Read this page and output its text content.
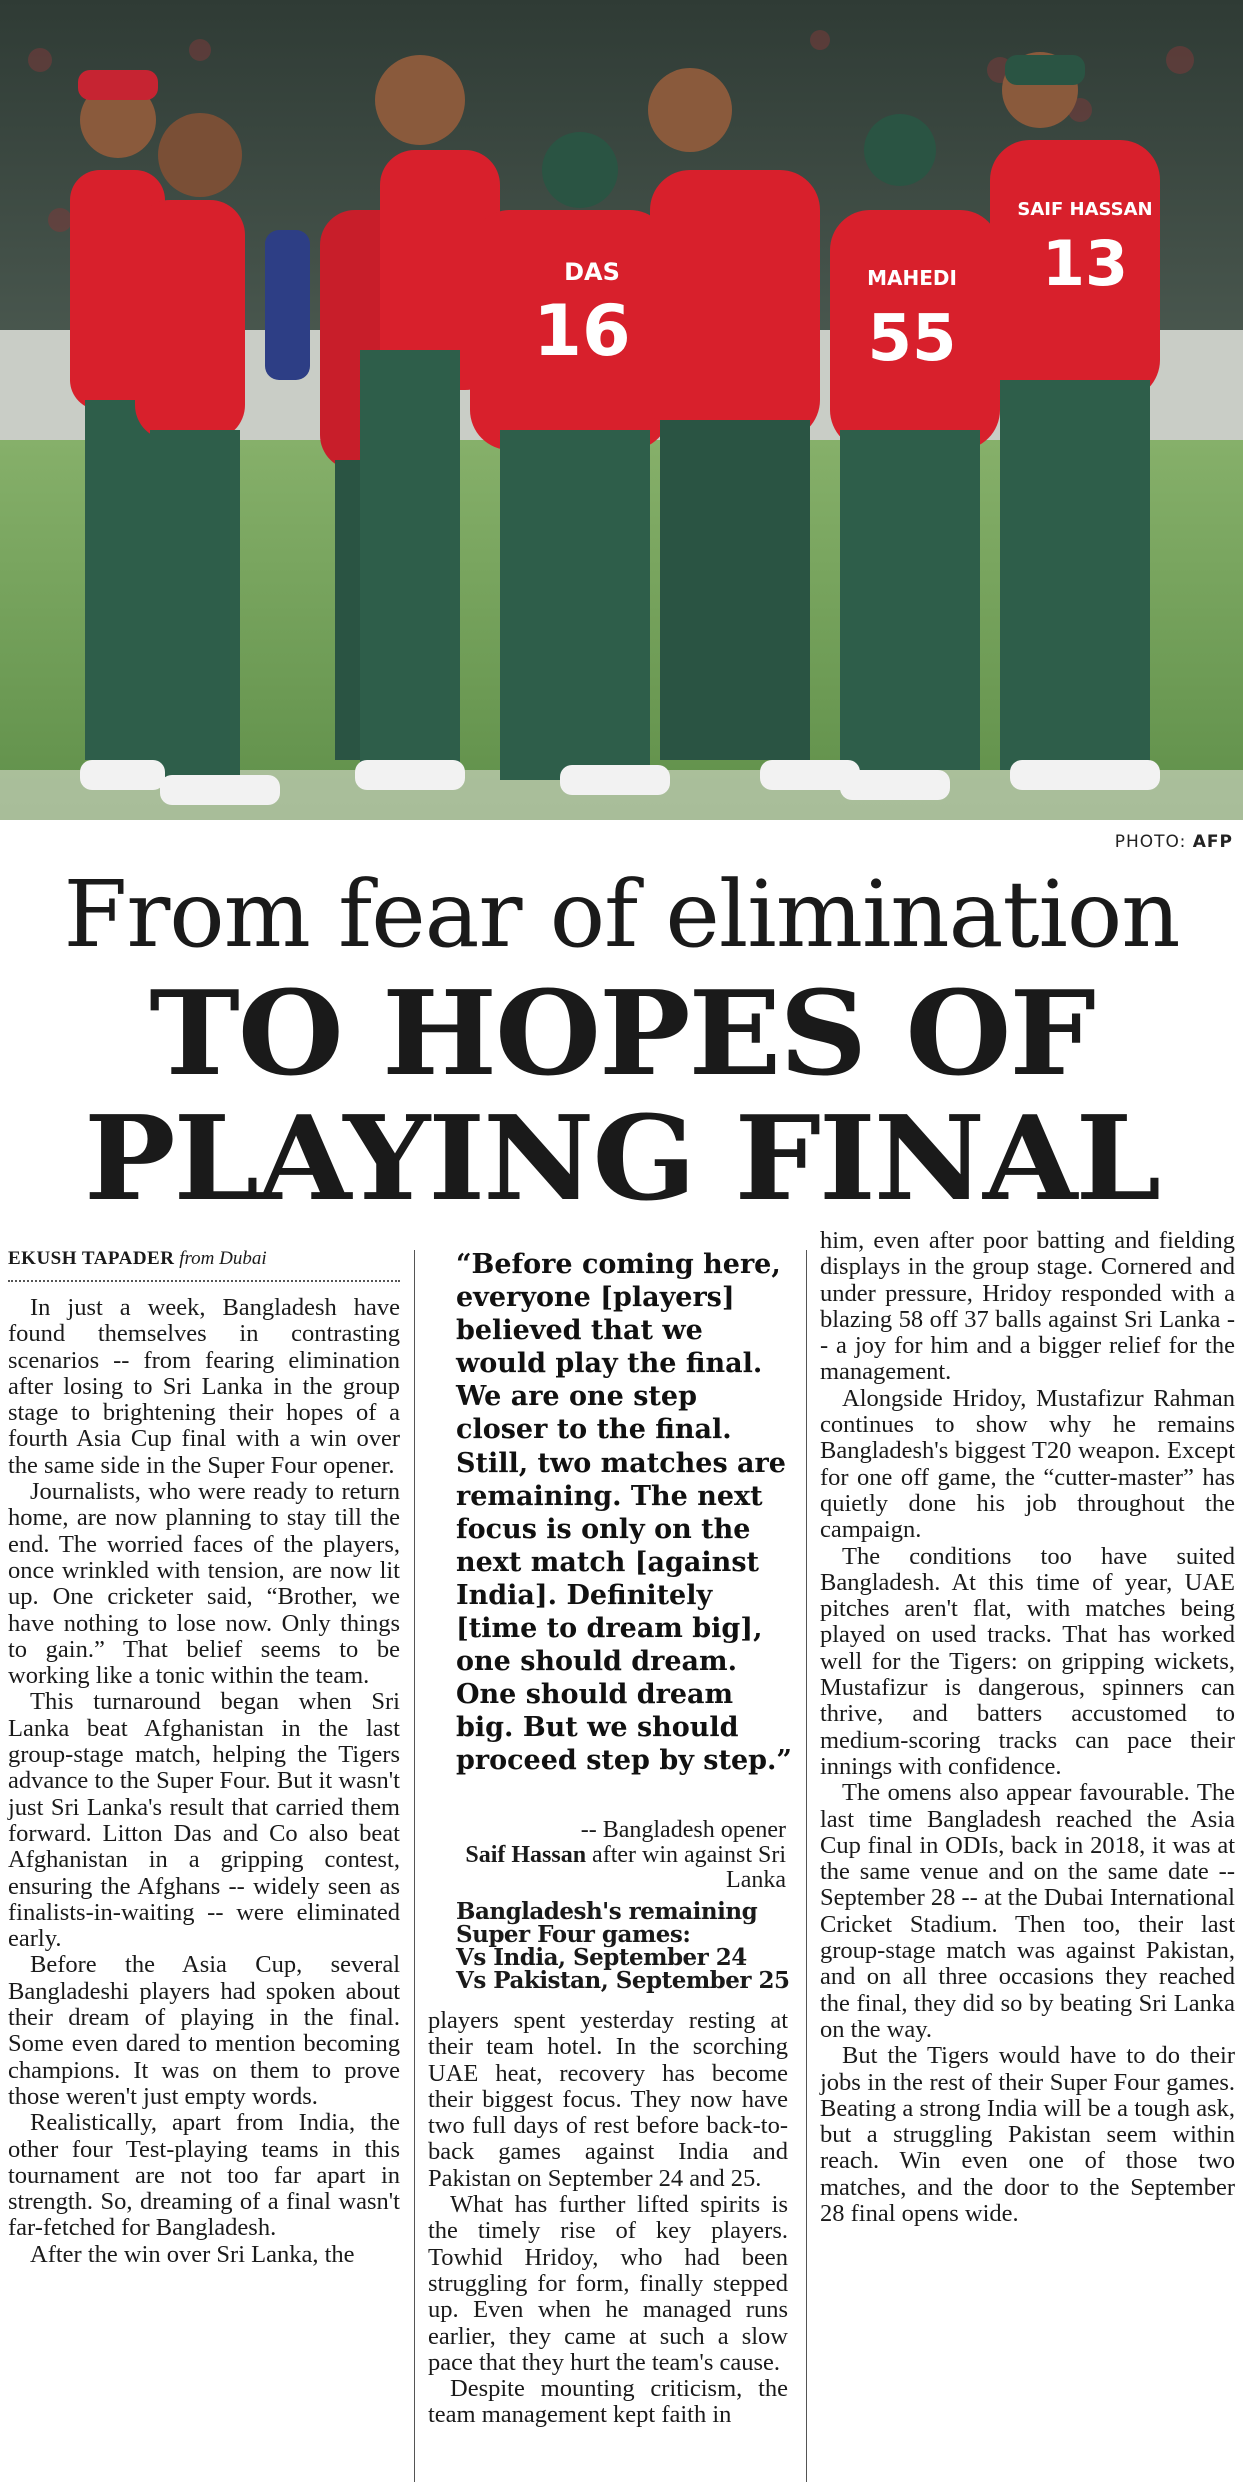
DAS
16
MAHEDI
55
SAIF HASSAN
13
PHOTO: AFP
From fear of elimination
TO HOPES OF
PLAYING FINAL
EKUSH TAPADER from Dubai

In just a week, Bangladesh have found themselves in contrasting scenarios -- from fearing elimination after losing to Sri Lanka in the group stage to brightening their hopes of a fourth Asia Cup final with a win over the same side in the Super Four opener.

Journalists, who were ready to return home, are now planning to stay till the end. The worried faces of the players, once wrinkled with tension, are now lit up. One cricketer said, “Brother, we have nothing to lose now. Only things to gain.” That belief seems to be working like a tonic within the team.

This turnaround began when Sri Lanka beat Afghanistan in the last group-stage match, helping the Tigers advance to the Super Four. But it wasn't just Sri Lanka's result that carried them forward. Litton Das and Co also beat Afghanistan in a gripping contest, ensuring the Afghans -- widely seen as finalists-in-waiting -- were eliminated early.

Before the Asia Cup, several Bangladeshi players had spoken about their dream of playing in the final. Some even dared to mention becoming champions. It was on them to prove those weren't just empty words.

Realistically, apart from India, the other four Test-playing teams in this tournament are not too far apart in strength. So, dreaming of a final wasn't far-fetched for Bangladesh.

After the win over Sri Lanka, the

“Before coming here, everyone [players] believed that we would play the final. We are one step closer to the final. Still, two matches are remaining. The next focus is only on the next match [against India]. Definitely [time to dream big], one should dream. One should dream big. But we should proceed step by step.”
-- Bangladesh opener
Saif Hassan after win against Sri Lanka
Bangladesh's remaining Super Four games:
Vs India, September 24
Vs Pakistan, September 25

players spent yesterday resting at their team hotel. In the scorching UAE heat, recovery has become their biggest focus. They now have two full days of rest before back-to-back games against India and Pakistan on September 24 and 25.

What has further lifted spirits is the timely rise of key players. Towhid Hridoy, who had been struggling for form, finally stepped up. Even when he managed runs earlier, they came at such a slow pace that they hurt the team's cause.

Despite mounting criticism, the team management kept faith in

him, even after poor batting and fielding displays in the group stage. Cornered and under pressure, Hridoy responded with a blazing 58 off 37 balls against Sri Lanka -- a joy for him and a bigger relief for the management.

Alongside Hridoy, Mustafizur Rahman continues to show why he remains Bangladesh's biggest T20 weapon. Except for one off game, the “cutter-master” has quietly done his job throughout the campaign.

The conditions too have suited Bangladesh. At this time of year, UAE pitches aren't flat, with matches being played on used tracks. That has worked well for the Tigers: on gripping wickets, Mustafizur is dangerous, spinners can thrive, and batters accustomed to medium-scoring tracks can pace their innings with confidence.

The omens also appear favourable. The last time Bangladesh reached the Asia Cup final in ODIs, back in 2018, it was at the same venue and on the same date -- September 28 -- at the Dubai International Cricket Stadium. Then too, their last group-stage match was against Pakistan, and on all three occasions they reached the final, they did so by beating Sri Lanka on the way.

But the Tigers would have to do their jobs in the rest of their Super Four games. Beating a strong India will be a tough ask, but a struggling Pakistan seem within reach. Win even one of those two matches, and the door to the September 28 final opens wide.
